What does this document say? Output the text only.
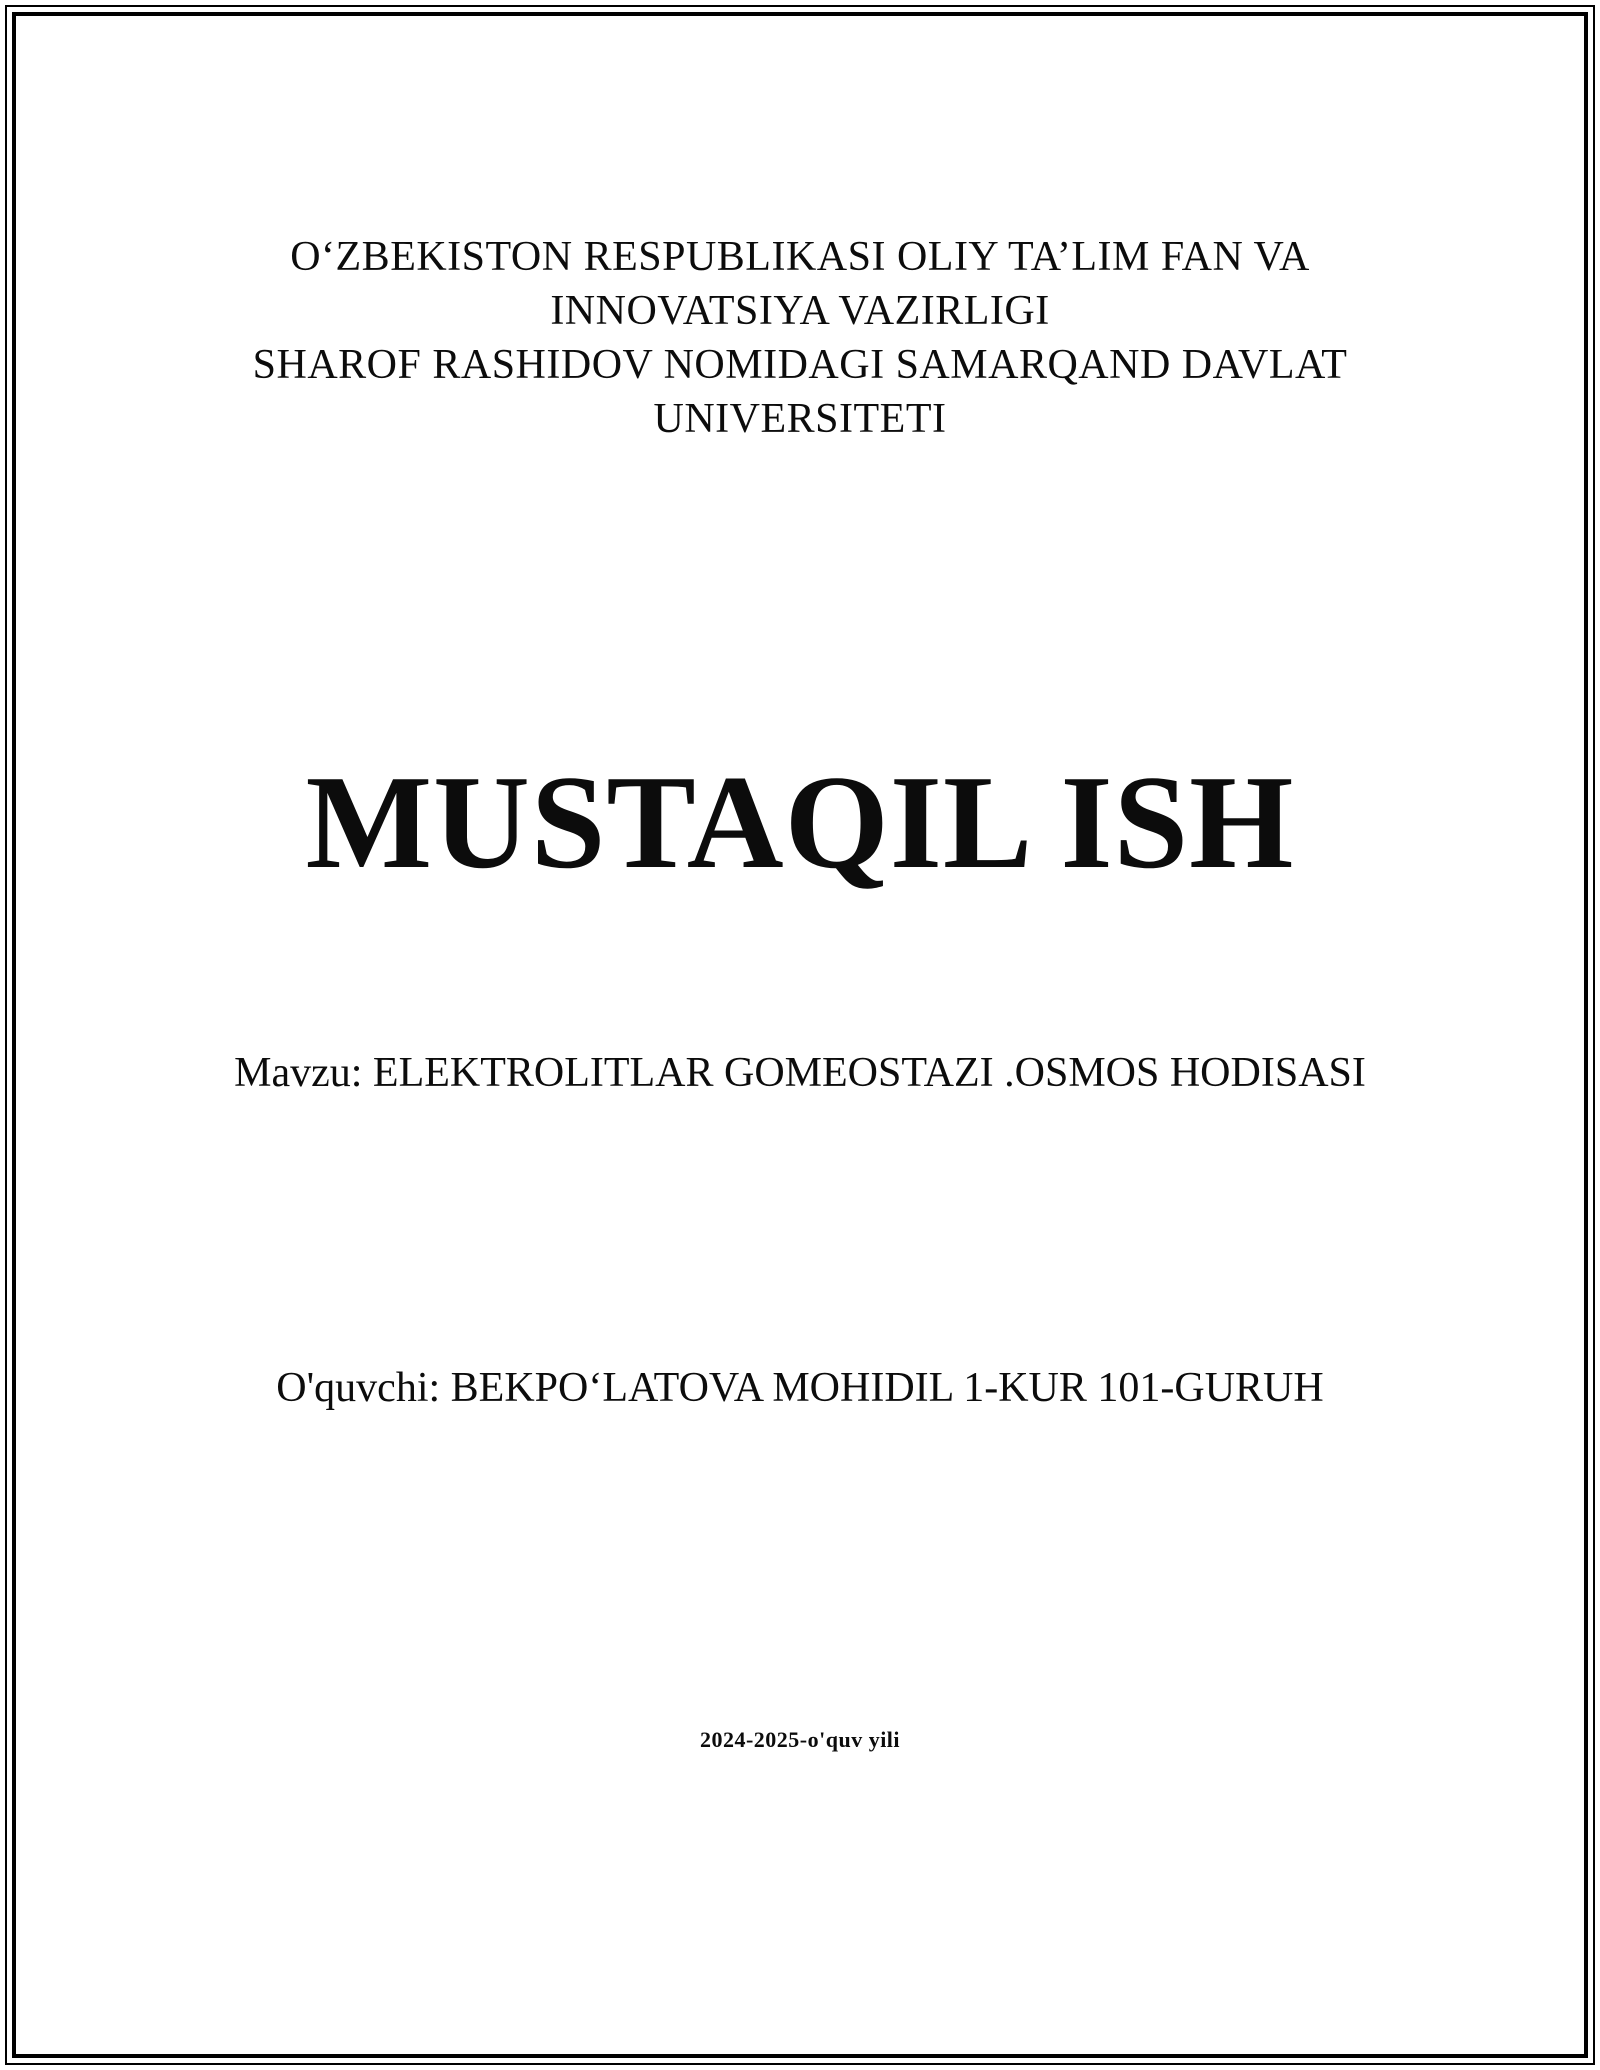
O‘ZBEKISTON RESPUBLIKASI OLIY TA’LIM FAN VA
INNOVATSIYA VAZIRLIGI
SHAROF RASHIDOV NOMIDAGI SAMARQAND DAVLAT
UNIVERSITETI
MUSTAQIL ISH
Mavzu: ELEKTROLITLAR GOMEOSTAZI .OSMOS HODISASI
O'quvchi: BEKPO‘LATOVA MOHIDIL 1-KUR 101-GURUH
2024-2025-o'quv yili
